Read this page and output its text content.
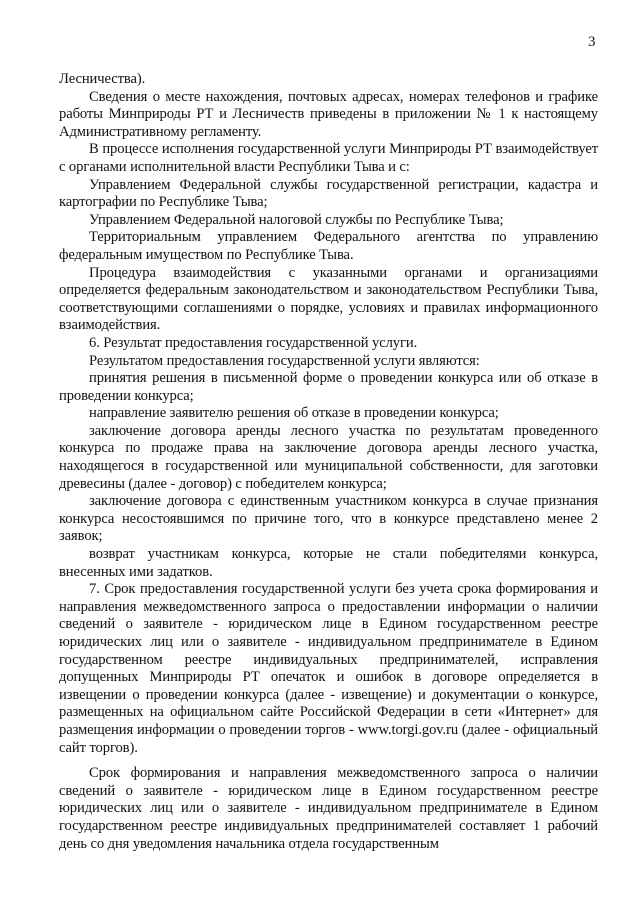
3

Лесничества).

Сведения о месте нахождения, почтовых адресах, номерах телефонов и графике работы Минприроды РТ и Лесничеств приведены в приложении № 1 к настоящему Административному регламенту.

В процессе исполнения государственной услуги Минприроды РТ взаимодействует с органами исполнительной власти Республики Тыва и с:

Управлением Федеральной службы государственной регистрации, кадастра и картографии по Республике Тыва;

Управлением Федеральной налоговой службы по Республике Тыва;

Территориальным управлением Федерального агентства по управлению федеральным имуществом по Республике Тыва.

Процедура взаимодействия с указанными органами и организациями определяется федеральным законодательством и законодательством Республики Тыва, соответствующими соглашениями о порядке, условиях и правилах информационного взаимодействия.

6. Результат предоставления государственной услуги.

Результатом предоставления государственной услуги являются:

принятия решения в письменной форме о проведении конкурса или об отказе в проведении конкурса;

направление заявителю решения об отказе в проведении конкурса;

заключение договора аренды лесного участка по результатам проведенного конкурса по продаже права на заключение договора аренды лесного участка, находящегося в государственной или муниципальной собственности, для заготовки древесины (далее - договор) с победителем конкурса;

заключение договора с единственным участником конкурса в случае признания конкурса несостоявшимся по причине того, что в конкурсе представлено менее 2 заявок;

возврат участникам конкурса, которые не стали победителями конкурса, внесенных ими задатков.

7. Срок предоставления государственной услуги без учета срока формирования и направления межведомственного запроса о предоставлении информации о наличии сведений о заявителе - юридическом лице в Едином государственном реестре юридических лиц или о заявителе - индивидуальном предпринимателе в Едином государственном реестре индивидуальных предпринимателей, исправления допущенных Минприроды РТ опечаток и ошибок в договоре определяется в извещении о проведении конкурса (далее - извещение) и документации о конкурсе, размещенных на официальном сайте Российской Федерации в сети «Интернет» для размещения информации о проведении торгов - www.torgi.gov.ru (далее - официальный сайт торгов).

Срок формирования и направления межведомственного запроса о наличии сведений о заявителе - юридическом лице в Едином государственном реестре юридических лиц или о заявителе - индивидуальном предпринимателе в Едином государственном реестре индивидуальных предпринимателей составляет 1 рабочий день со дня уведомления начальника отдела государственным
